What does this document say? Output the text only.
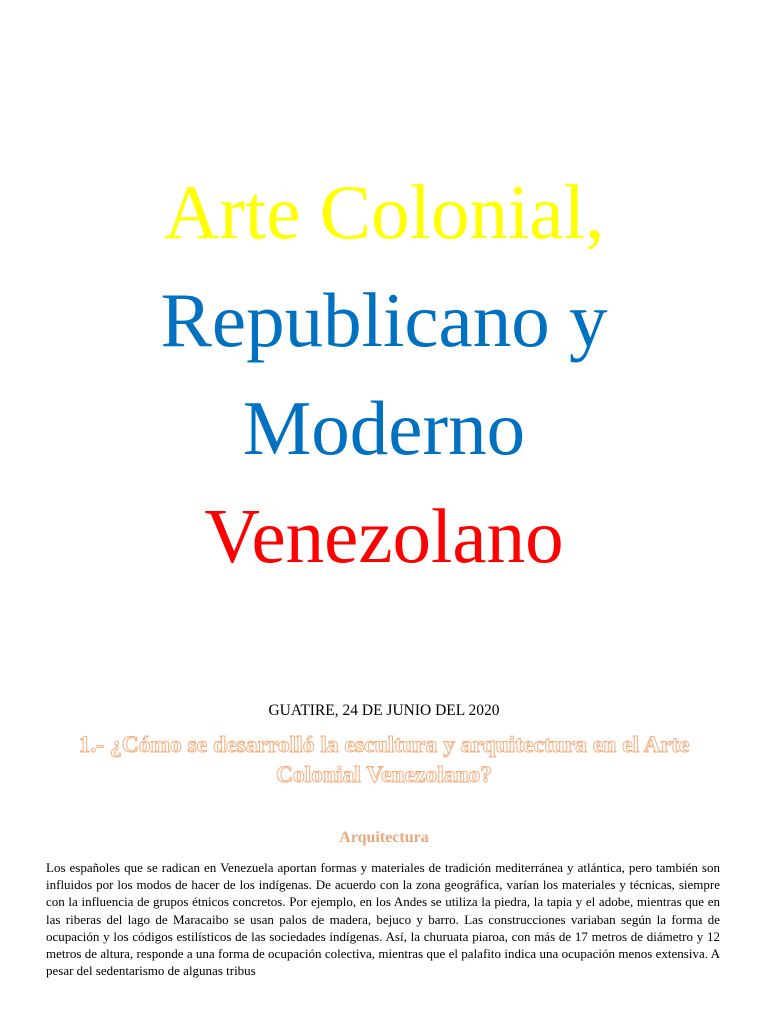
Arte Colonial,
Republicano y
Moderno
Venezolano
GUATIRE, 24 DE JUNIO DEL 2020
1.- ¿Cómo se desarrolló la escultura y arquitectura en el Arte Colonial Venezolano?
Arquitectura

Los españoles que se radican en Venezuela aportan formas y materiales de tradición mediterránea y atlántica, pero también son influidos por los modos de hacer de los indígenas. De acuerdo con la zona geográfica, varían los materiales y técnicas, siempre con la influencia de grupos étnicos concretos. Por ejemplo, en los Andes se utiliza la piedra, la tapia y el adobe, mientras que en las riberas del lago de Maracaibo se usan palos de madera, bejuco y barro. Las construcciones variaban según la forma de ocupación y los códigos estilísticos de las sociedades indígenas. Así, la churuata piaroa, con más de 17 metros de diámetro y 12 metros de altura, responde a una forma de ocupación colectiva, mientras que el palafito indica una ocupación menos extensiva. A pesar del sedentarismo de algunas tribus
